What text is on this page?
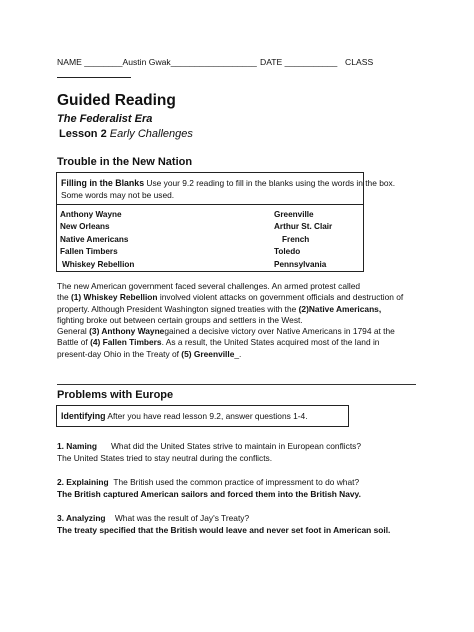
NAME ________Austin Gwak__________________ DATE ___________ CLASS
Guided Reading
The Federalist Era
Lesson 2 Early Challenges
Trouble in the New Nation
Filling in the Blanks Use your 9.2 reading to fill in the blanks using the words in the box.
Some words may not be used.
Anthony Wayne
New Orleans
Native Americans
Fallen Timbers
Whiskey Rebellion
Greenville
Arthur St. Clair
French
Toledo
Pennsylvania
The new American government faced several challenges. An armed protest called
the (1) Whiskey Rebellion involved violent attacks on government officials and destruction of
property. Although President Washington signed treaties with the (2)Native Americans,
fighting broke out between certain groups and settlers in the West.
General (3) Anthony Waynegained a decisive victory over Native Americans in 1794 at the
Battle of (4) Fallen Timbers. As a result, the United States acquired most of the land in
present-day Ohio in the Treaty of (5) Greenville_.
Problems with Europe
Identifying After you have read lesson 9.2, answer questions 1-4.
1. Naming What did the United States strive to maintain in European conflicts?
The United States tried to stay neutral during the conflicts.
2. Explaining The British used the common practice of impressment to do what?
The British captured American sailors and forced them into the British Navy.
3. Analyzing What was the result of Jay's Treaty?
The treaty specified that the British would leave and never set foot in American soil.
